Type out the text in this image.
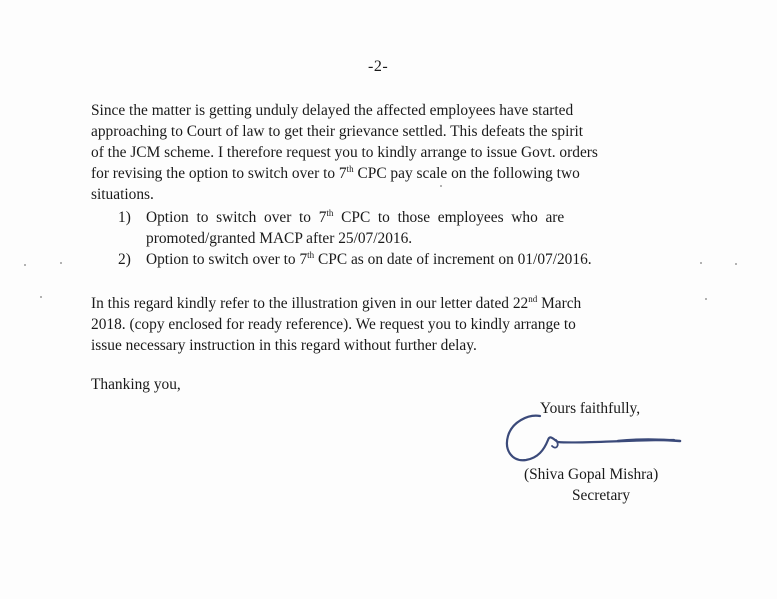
-2-
Since the matter is getting unduly delayed the affected employees have started
approaching to Court of law to get their grievance settled. This defeats the spirit
of the JCM scheme. I therefore request you to kindly arrange to issue Govt. orders
for revising the option to switch over to 7th CPC pay scale on the following two
situations.
1) Option  to  switch  over  to  7th  CPC  to  those  employees  who  are
promoted/granted MACP after 25/07/2016.
2) Option to switch over to 7th CPC as on date of increment on 01/07/2016.
In this regard kindly refer to the illustration given in our letter dated 22nd March
2018. (copy enclosed for ready reference). We request you to kindly arrange to
issue necessary instruction in this regard without further delay.
Thanking you,
Yours faithfully,
(Shiva Gopal Mishra)
Secretary
